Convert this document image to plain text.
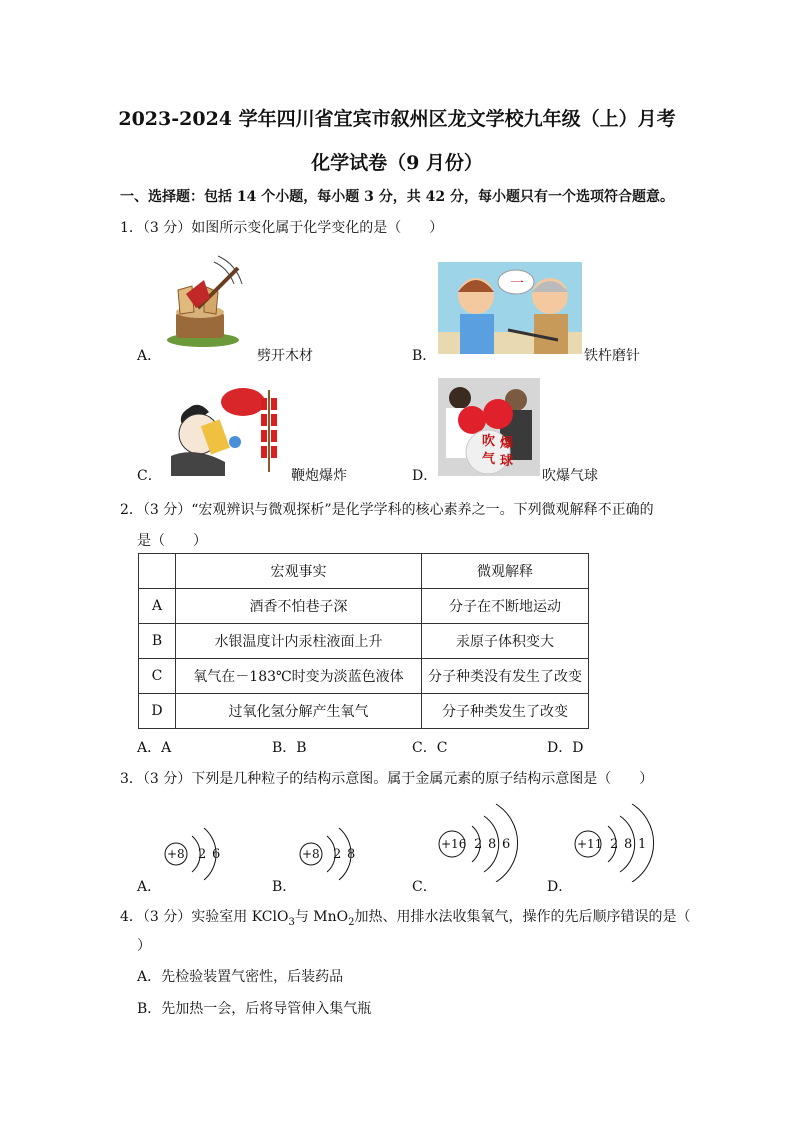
2023-2024 学年四川省宜宾市叙州区龙文学校九年级（上）月考
化学试卷（9 月份）
一、选择题：包括 14 个小题，每小题 3 分，共 42 分，每小题只有一个选项符合题意。
1．（3 分）如图所示变化属于化学变化的是（　　）
A．	劈开木材
一
B．	铁杵磨针
C．	鞭炮爆炸
吹 爆
气 球
D．	吹爆气球
2．（3 分）“宏观辨识与微观探析”是化学学科的核心素养之一。下列微观解释不正确的
是（　　）
	宏观事实	微观解释
A	酒香不怕巷子深	分子在不断地运动
B	水银温度计内汞柱液面上升	汞原子体积变大
C	氧气在－183℃时变为淡蓝色液体	分子种类没有发生了改变
D	过氧化氢分解产生氧气	分子种类发生了改变
A．A	B．B	C．C	D．D
3．（3 分）下列是几种粒子的结构示意图。属于金属元素的原子结构示意图是（　　）
+8 2 6
A．
+8 2 8
B．
+16 2 8 6
C．
+11 2 8 1
D．
4．（3 分）实验室用 KClO$_3$与 MnO$_2$加热、用排水法收集氧气，操作的先后顺序错误的是（
）
A．先检验装置气密性，后装药品
B．先加热一会，后将导管伸入集气瓶
